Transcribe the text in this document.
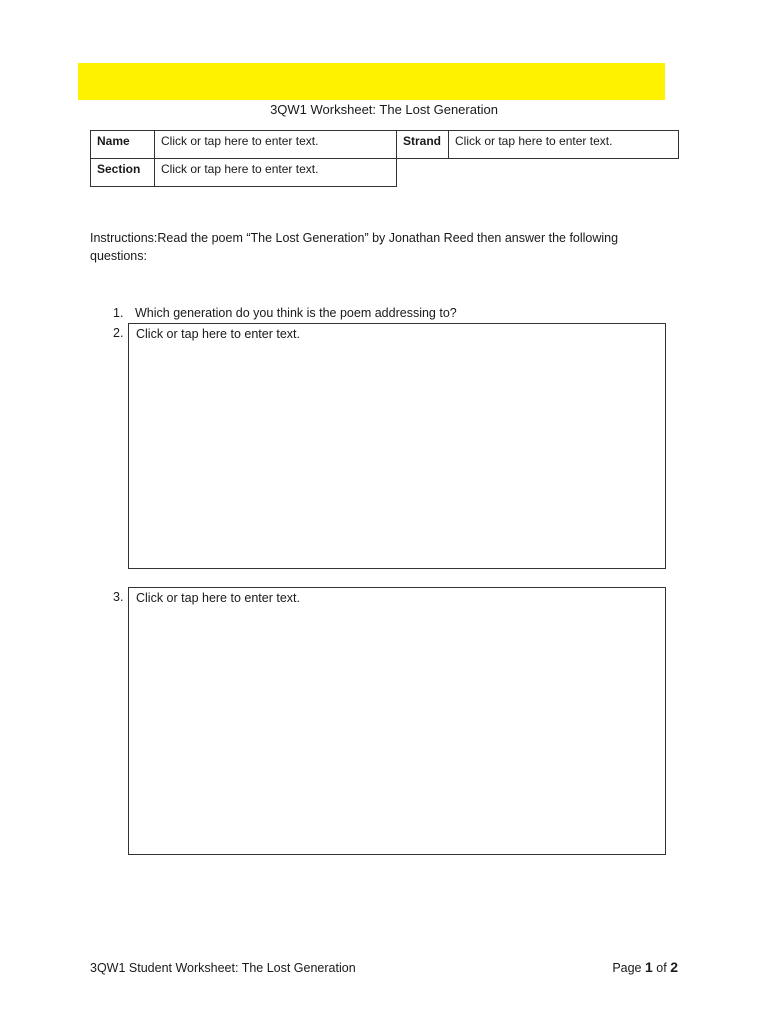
3QW1 Worksheet: The Lost Generation
Name	Click or tap here to enter text.	Strand	Click or tap here to enter text.
Section	Click or tap here to enter text.		
Instructions:Read the poem “The Lost Generation” by Jonathan Reed then answer the following questions:
1. Which generation do you think is the poem addressing to?
2.	Click or tap here to enter text.
3.	Click or tap here to enter text.
3QW1 Student Worksheet: The Lost Generation	Page 1 of 2
